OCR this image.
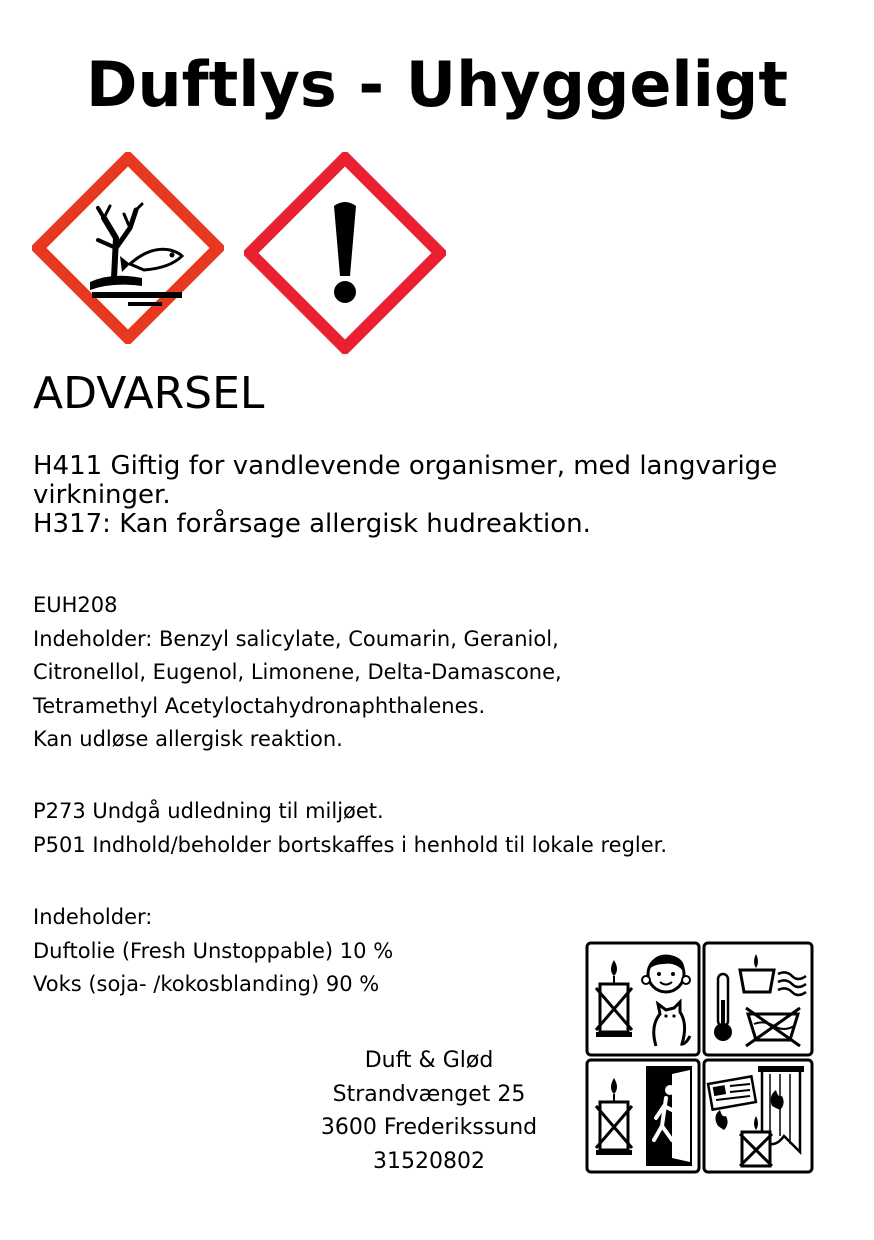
Duftlys - Uhyggeligt
ADVARSEL
H411 Giftig for vandlevende organismer, med langvarige
virkninger.
H317: Kan forårsage allergisk hudreaktion.
EUH208
Indeholder: Benzyl salicylate, Coumarin, Geraniol,
Citronellol, Eugenol, Limonene, Delta-Damascone,
Tetramethyl Acetyloctahydronaphthalenes.
Kan udløse allergisk reaktion.
P273 Undgå udledning til miljøet.
P501 Indhold/beholder bortskaffes i henhold til lokale regler.
Indeholder:
Duftolie (Fresh Unstoppable) 10 %
Voks (soja- /kokosblanding) 90 %
Duft & Glød
Strandvænget 25
3600 Frederikssund
31520802
